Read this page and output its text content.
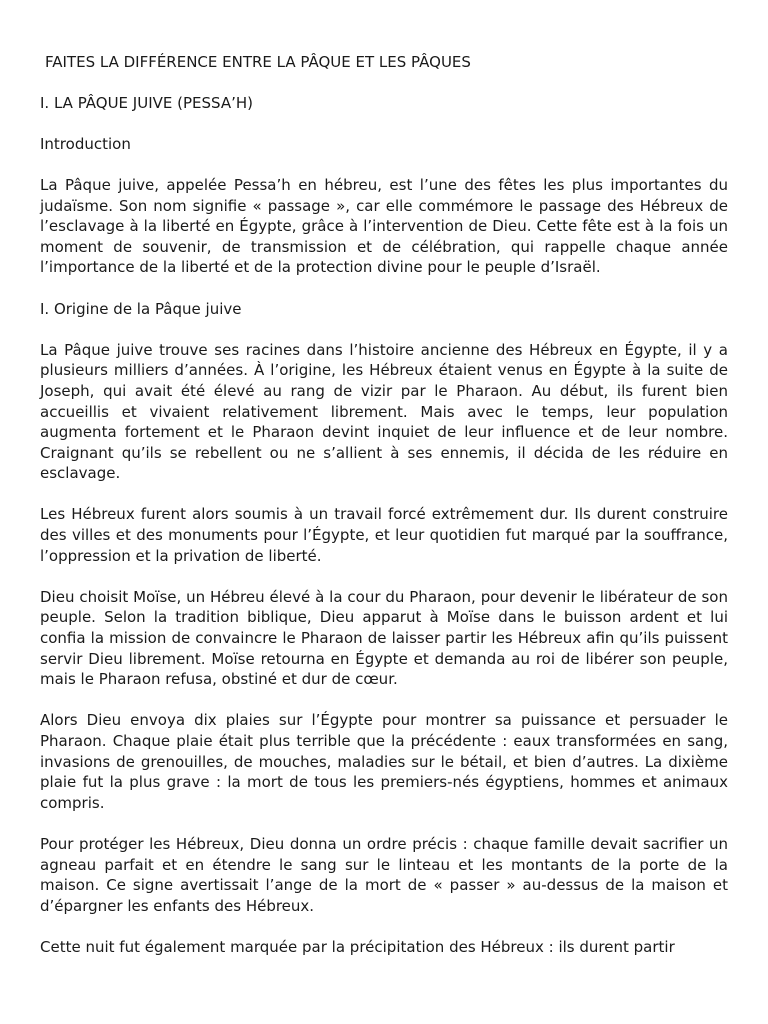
FAITES LA DIFFÉRENCE ENTRE LA PÂQUE ET LES PÂQUES

I. LA PÂQUE JUIVE (PESSA’H)

Introduction

La Pâque juive, appelée Pessa’h en hébreu, est l’une des fêtes les plus importantes du judaïsme. Son nom signifie « passage », car elle commémore le passage des Hébreux de l’esclavage à la liberté en Égypte, grâce à l’intervention de Dieu. Cette fête est à la fois un moment de souvenir, de transmission et de célébration, qui rappelle chaque année l’importance de la liberté et de la protection divine pour le peuple d’Israël.

I. Origine de la Pâque juive

La Pâque juive trouve ses racines dans l’histoire ancienne des Hébreux en Égypte, il y a plusieurs milliers d’années. À l’origine, les Hébreux étaient venus en Égypte à la suite de Joseph, qui avait été élevé au rang de vizir par le Pharaon. Au début, ils furent bien accueillis et vivaient relativement librement. Mais avec le temps, leur population augmenta fortement et le Pharaon devint inquiet de leur influence et de leur nombre. Craignant qu’ils se rebellent ou ne s’allient à ses ennemis, il décida de les réduire en esclavage.

Les Hébreux furent alors soumis à un travail forcé extrêmement dur. Ils durent construire des villes et des monuments pour l’Égypte, et leur quotidien fut marqué par la souffrance, l’oppression et la privation de liberté.

Dieu choisit Moïse, un Hébreu élevé à la cour du Pharaon, pour devenir le libérateur de son peuple. Selon la tradition biblique, Dieu apparut à Moïse dans le buisson ardent et lui confia la mission de convaincre le Pharaon de laisser partir les Hébreux afin qu’ils puissent servir Dieu librement. Moïse retourna en Égypte et demanda au roi de libérer son peuple, mais le Pharaon refusa, obstiné et dur de cœur.

Alors Dieu envoya dix plaies sur l’Égypte pour montrer sa puissance et persuader le Pharaon. Chaque plaie était plus terrible que la précédente : eaux transformées en sang, invasions de grenouilles, de mouches, maladies sur le bétail, et bien d’autres. La dixième plaie fut la plus grave : la mort de tous les premiers-nés égyptiens, hommes et animaux compris.

Pour protéger les Hébreux, Dieu donna un ordre précis : chaque famille devait sacrifier un agneau parfait et en étendre le sang sur le linteau et les montants de la porte de la maison. Ce signe avertissait l’ange de la mort de « passer » au-dessus de la maison et d’épargner les enfants des Hébreux.

Cette nuit fut également marquée par la précipitation des Hébreux : ils durent partir
